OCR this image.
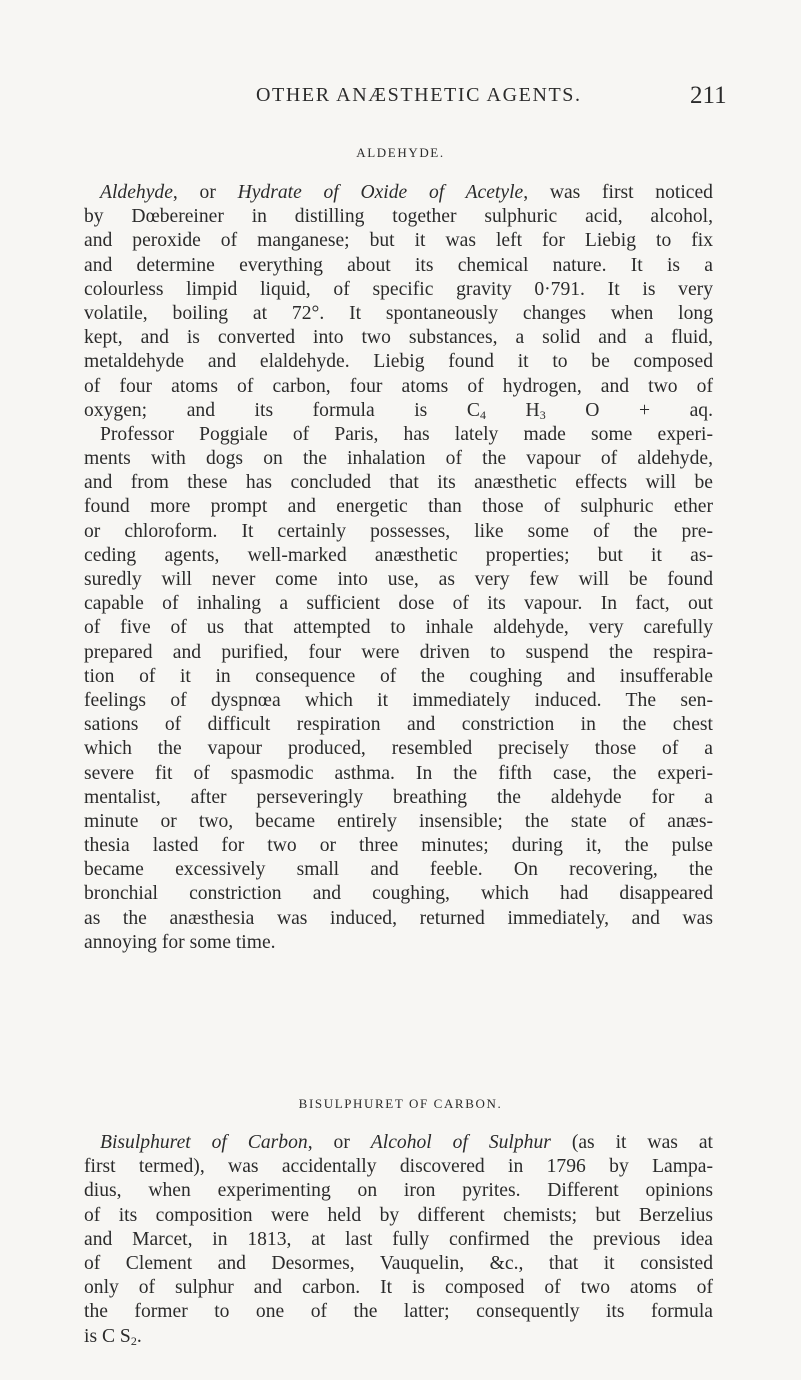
OTHER ANÆSTHETIC AGENTS.	211
ALDEHYDE.

Aldehyde, or Hydrate of Oxide of Acetyle, was first noticed
by Dœbereiner in distilling together sulphuric acid, alcohol,
and peroxide of manganese; but it was left for Liebig to fix
and determine everything about its chemical nature. It is a
colourless limpid liquid, of specific gravity 0·791. It is very
volatile, boiling at 72°. It spontaneously changes when long
kept, and is converted into two substances, a solid and a fluid,
metaldehyde and elaldehyde. Liebig found it to be composed
of four atoms of carbon, four atoms of hydrogen, and two of
oxygen; and its formula is $C_4$ $H_3$ O + aq.
Professor Poggiale of Paris, has lately made some experi-
ments with dogs on the inhalation of the vapour of aldehyde,
and from these has concluded that its anæsthetic effects will be
found more prompt and energetic than those of sulphuric ether
or chloroform. It certainly possesses, like some of the pre-
ceding agents, well-marked anæsthetic properties; but it as-
suredly will never come into use, as very few will be found
capable of inhaling a sufficient dose of its vapour. In fact, out
of five of us that attempted to inhale aldehyde, very carefully
prepared and purified, four were driven to suspend the respira-
tion of it in consequence of the coughing and insufferable
feelings of dyspnœa which it immediately induced. The sen-
sations of difficult respiration and constriction in the chest
which the vapour produced, resembled precisely those of a
severe fit of spasmodic asthma. In the fifth case, the experi-
mentalist, after perseveringly breathing the aldehyde for a
minute or two, became entirely insensible; the state of anæs-
thesia lasted for two or three minutes; during it, the pulse
became excessively small and feeble. On recovering, the
bronchial constriction and coughing, which had disappeared
as the anæsthesia was induced, returned immediately, and was
annoying for some time.

BISULPHURET OF CARBON.

Bisulphuret of Carbon, or Alcohol of Sulphur (as it was at
first termed), was accidentally discovered in 1796 by Lampa-
dius, when experimenting on iron pyrites. Different opinions
of its composition were held by different chemists; but Berzelius
and Marcet, in 1813, at last fully confirmed the previous idea
of Clement and Desormes, Vauquelin, &c., that it consisted
only of sulphur and carbon. It is composed of two atoms of
the former to one of the latter; consequently its formula
is C $S_2$.
